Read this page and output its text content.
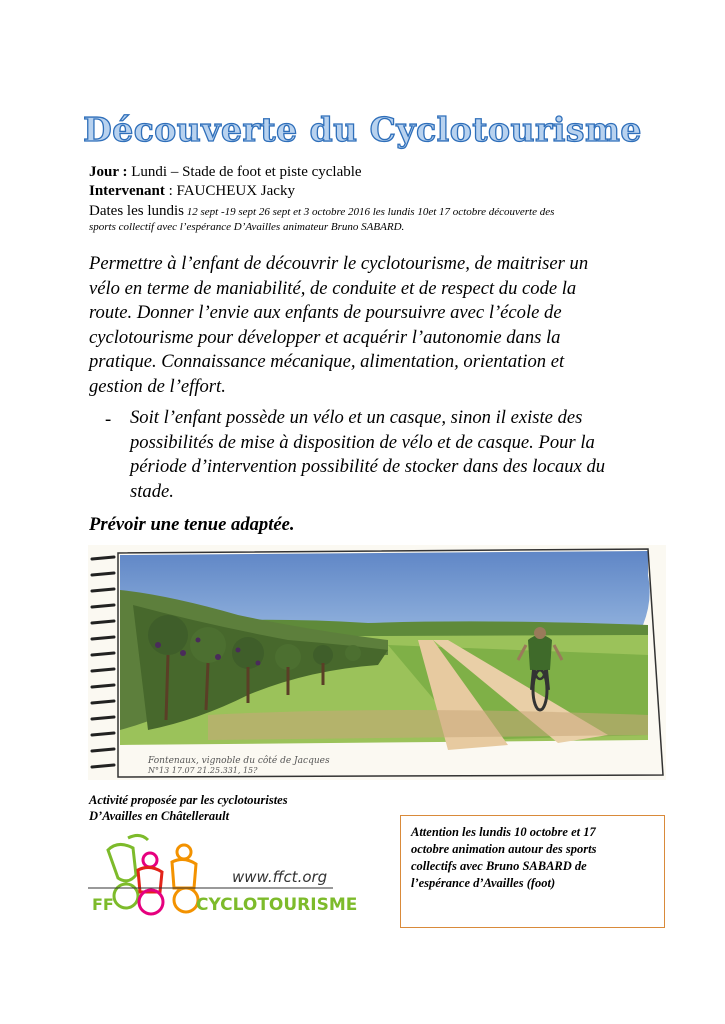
Découverte du Cyclotourisme
Jour : Lundi – Stade de foot et piste cyclable
Intervenant : FAUCHEUX Jacky
Dates les lundis 12 sept -19 sept 26 sept et 3 octobre 2016 les lundis 10et 17 octobre découverte des
sports collectif avec l’espérance D’Availles animateur Bruno SABARD.
Permettre à l’enfant de découvrir le cyclotourisme, de maitriser un
vélo en terme de maniabilité, de conduite et de respect du code la
route. Donner l’envie aux enfants de poursuivre avec l’école de
cyclotourisme pour développer et acquérir l’autonomie dans la
pratique. Connaissance mécanique, alimentation, orientation et
gestion de l’effort.
- Soit l’enfant possède un vélo et un casque, sinon il existe des
possibilités de mise à disposition de vélo et de casque. Pour la
période d’intervention possibilité de stocker dans des locaux du
stade.
Prévoir une tenue adaptée.
Fontenaux, vignoble du côté de Jacques
N°13 17.07 21.25.331, 15?
Activité proposée par les cyclotouristes
D’Availles en Châtellerault
www.ffct.org
FF	CYCLOTOURISME
Attention les lundis 10 octobre et 17
octobre animation autour des sports
collectifs avec Bruno SABARD de
l’espérance d’Availles (foot)
